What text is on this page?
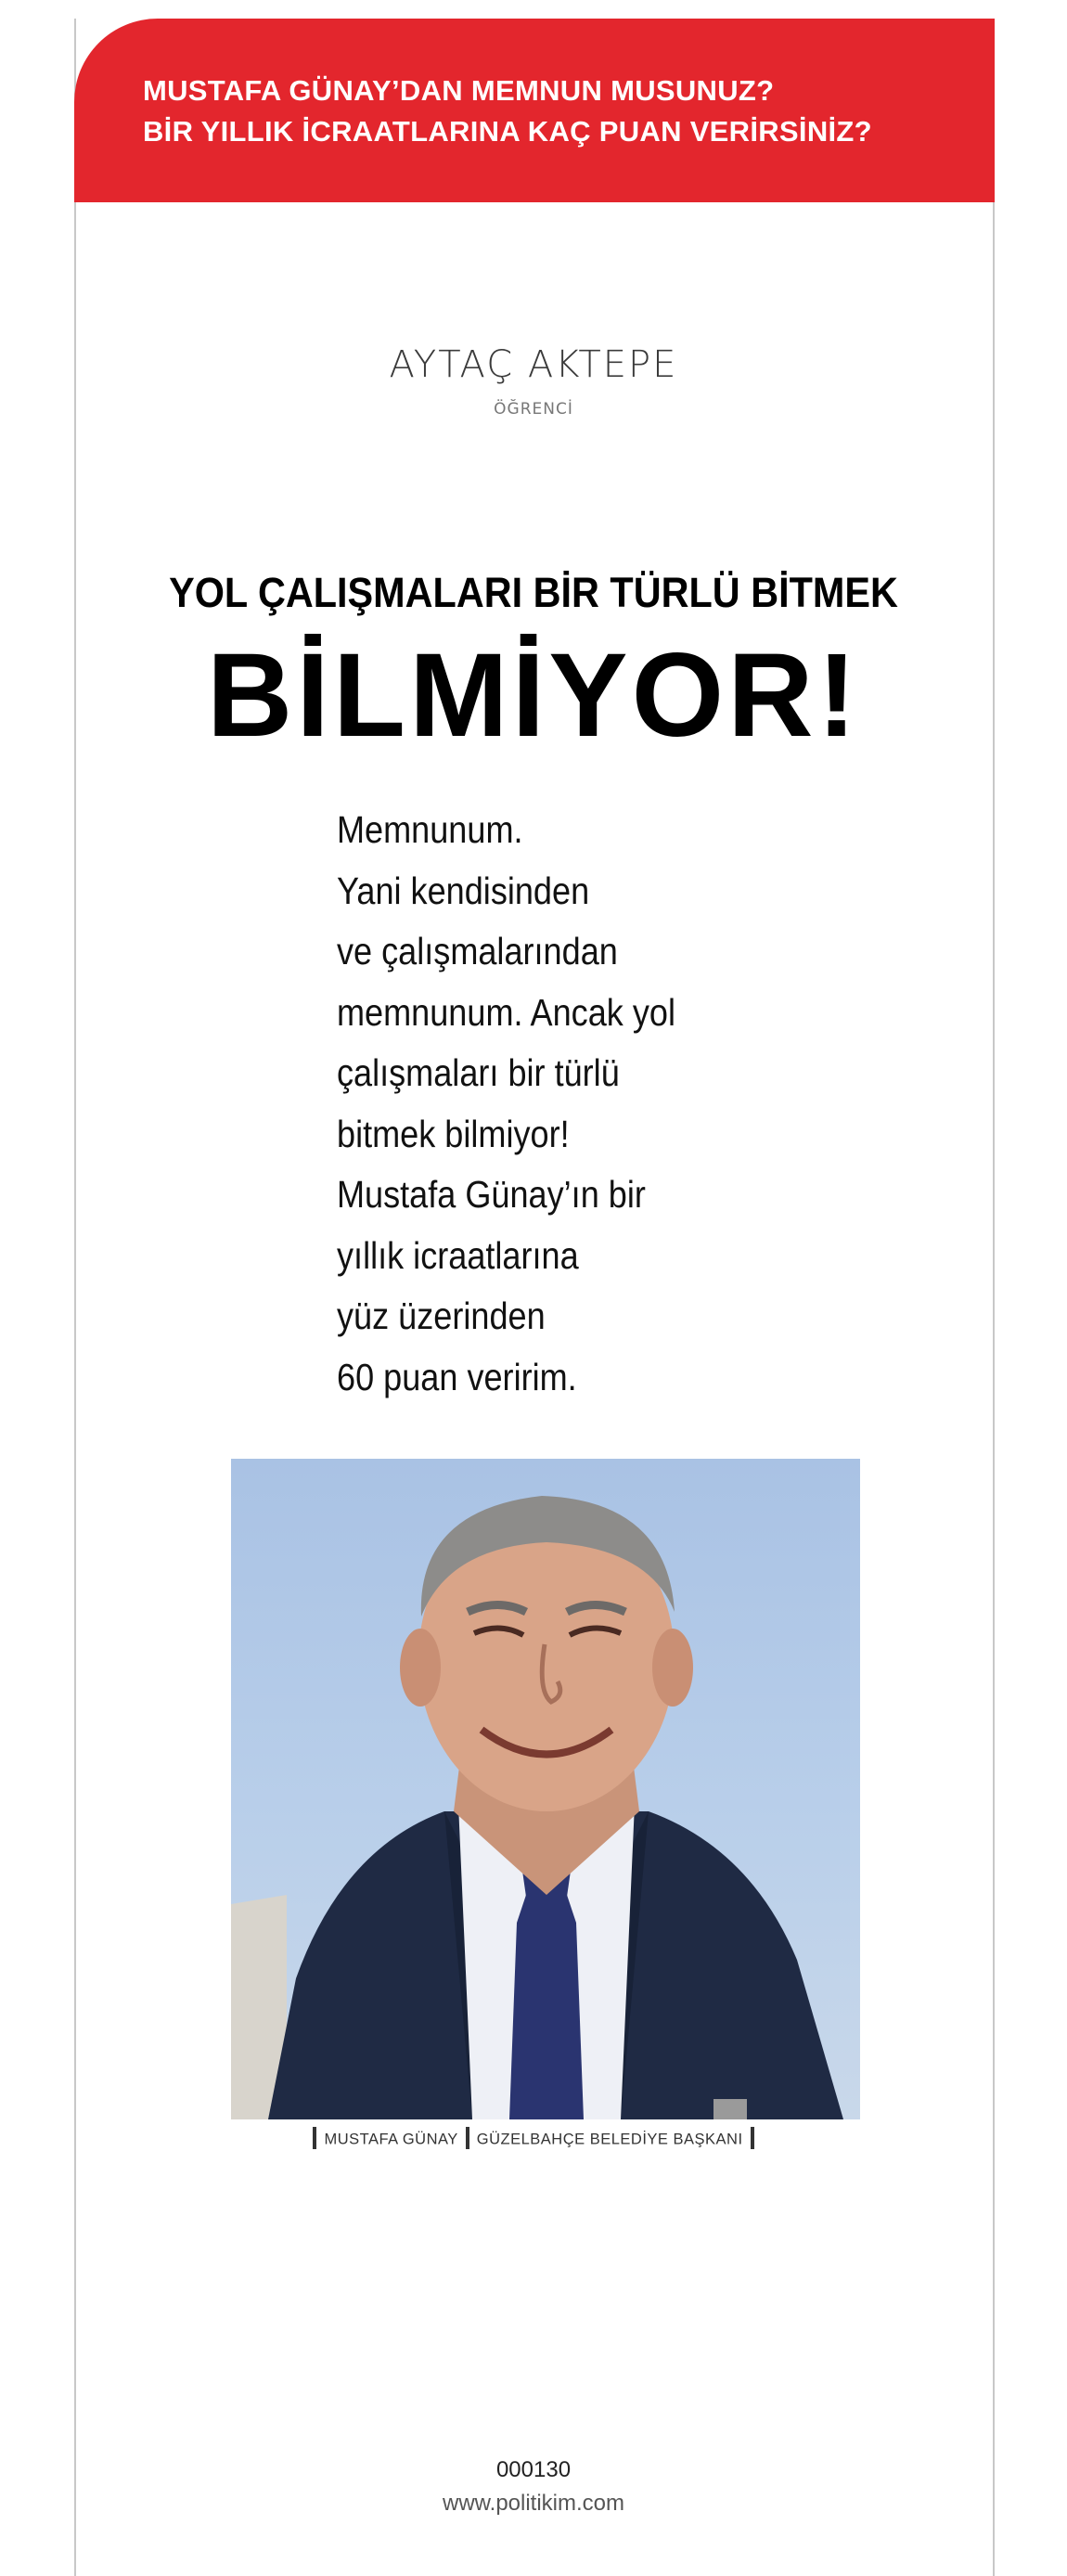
MUSTAFA GÜNAY’DAN MEMNUN MUSUNUZ?
BİR YILLIK İCRAATLARINA KAÇ PUAN VERİRSİNİZ?
AYTAÇ AKTEPE
ÖĞRENCİ
YOL ÇALIŞMALARI BİR TÜRLÜ BİTMEK
BİLMİYOR!
Memnunum.
Yani kendisinden
ve çalışmalarından
memnunum. Ancak yol
çalışmaları bir türlü
bitmek bilmiyor!
Mustafa Günay’ın bir
yıllık icraatlarına
yüz üzerinden
60 puan veririm.
MUSTAFA GÜNAY GÜZELBAHÇE BELEDİYE BAŞKANI
000130
www.politikim.com
